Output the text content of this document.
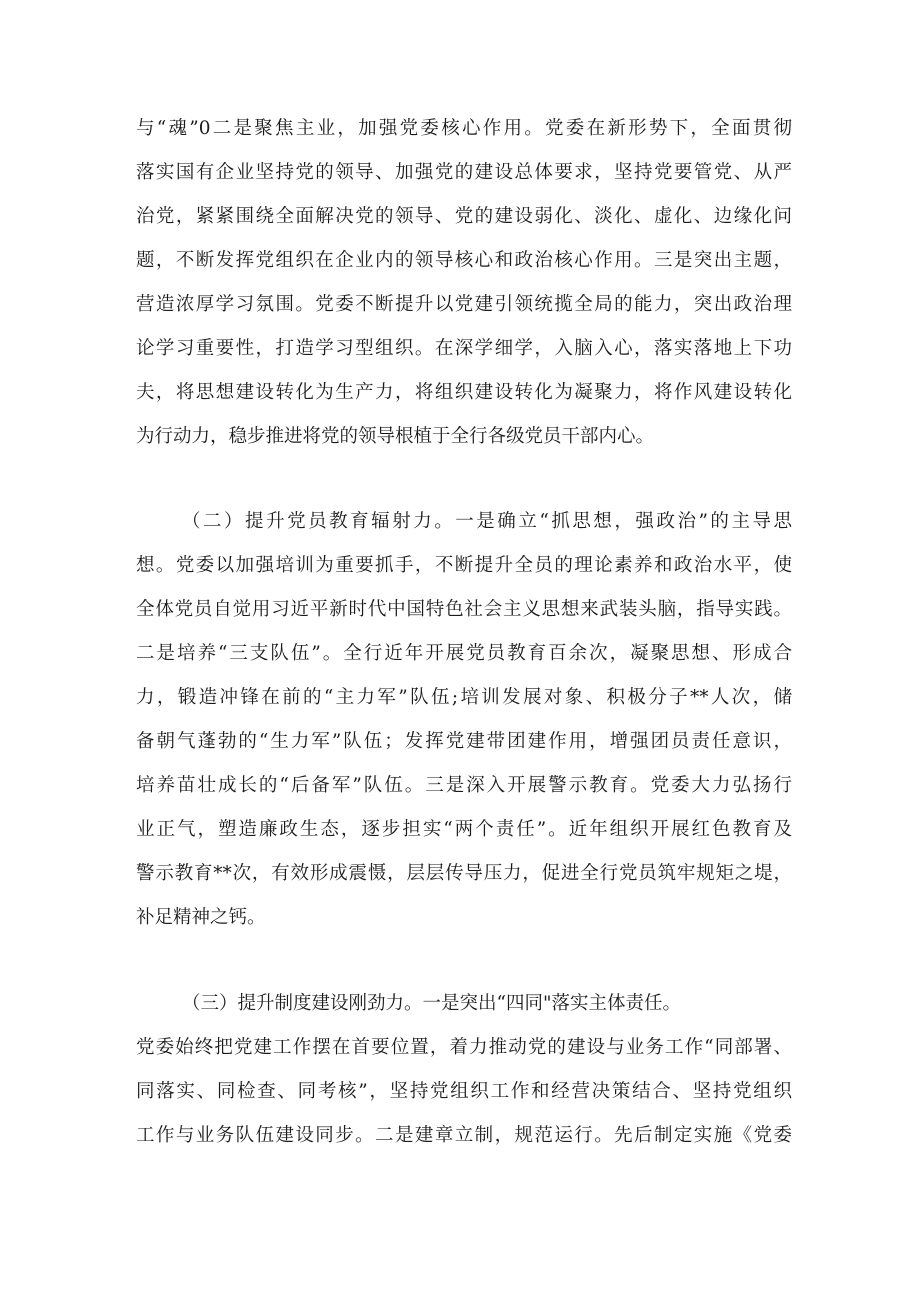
与“魂”0二是聚焦主业，加强党委核心作用。党委在新形势下，全面贯彻
落实国有企业坚持党的领导、加强党的建设总体要求，坚持党要管党、从严
治党，紧紧围绕全面解决党的领导、党的建设弱化、淡化、虚化、边缘化问
题，不断发挥党组织在企业内的领导核心和政治核心作用。三是突出主题，
营造浓厚学习氛围。党委不断提升以党建引领统揽全局的能力，突出政治理
论学习重要性，打造学习型组织。在深学细学，入脑入心，落实落地上下功
夫，将思想建设转化为生产力，将组织建设转化为凝聚力，将作风建设转化
为行动力，稳步推进将党的领导根植于全行各级党员干部内心。
（二）提升党员教育辐射力。一是确立“抓思想，强政治”的主导思
想。党委以加强培训为重要抓手，不断提升全员的理论素养和政治水平，使
全体党员自觉用习近平新时代中国特色社会主义思想来武装头脑，指导实践。
二是培养“三支队伍”。全行近年开展党员教育百余次，凝聚思想、形成合
力，锻造冲锋在前的“主力军”队伍;培训发展对象、积极分子**人次，储
备朝气蓬勃的“生力军”队伍；发挥党建带团建作用，增强团员责任意识，
培养苗壮成长的“后备军”队伍。三是深入开展警示教育。党委大力弘扬行
业正气，塑造廉政生态，逐步担实“两个责任”。近年组织开展红色教育及
警示教育**次，有效形成震慑，层层传导压力，促进全行党员筑牢规矩之堤，
补足精神之钙。
（三）提升制度建设刚劲力。一是突出“四同"落实主体责任。
党委始终把党建工作摆在首要位置，着力推动党的建设与业务工作“同部署、
同落实、同检查、同考核”，坚持党组织工作和经营决策结合、坚持党组织
工作与业务队伍建设同步。二是建章立制，规范运行。先后制定实施《党委
